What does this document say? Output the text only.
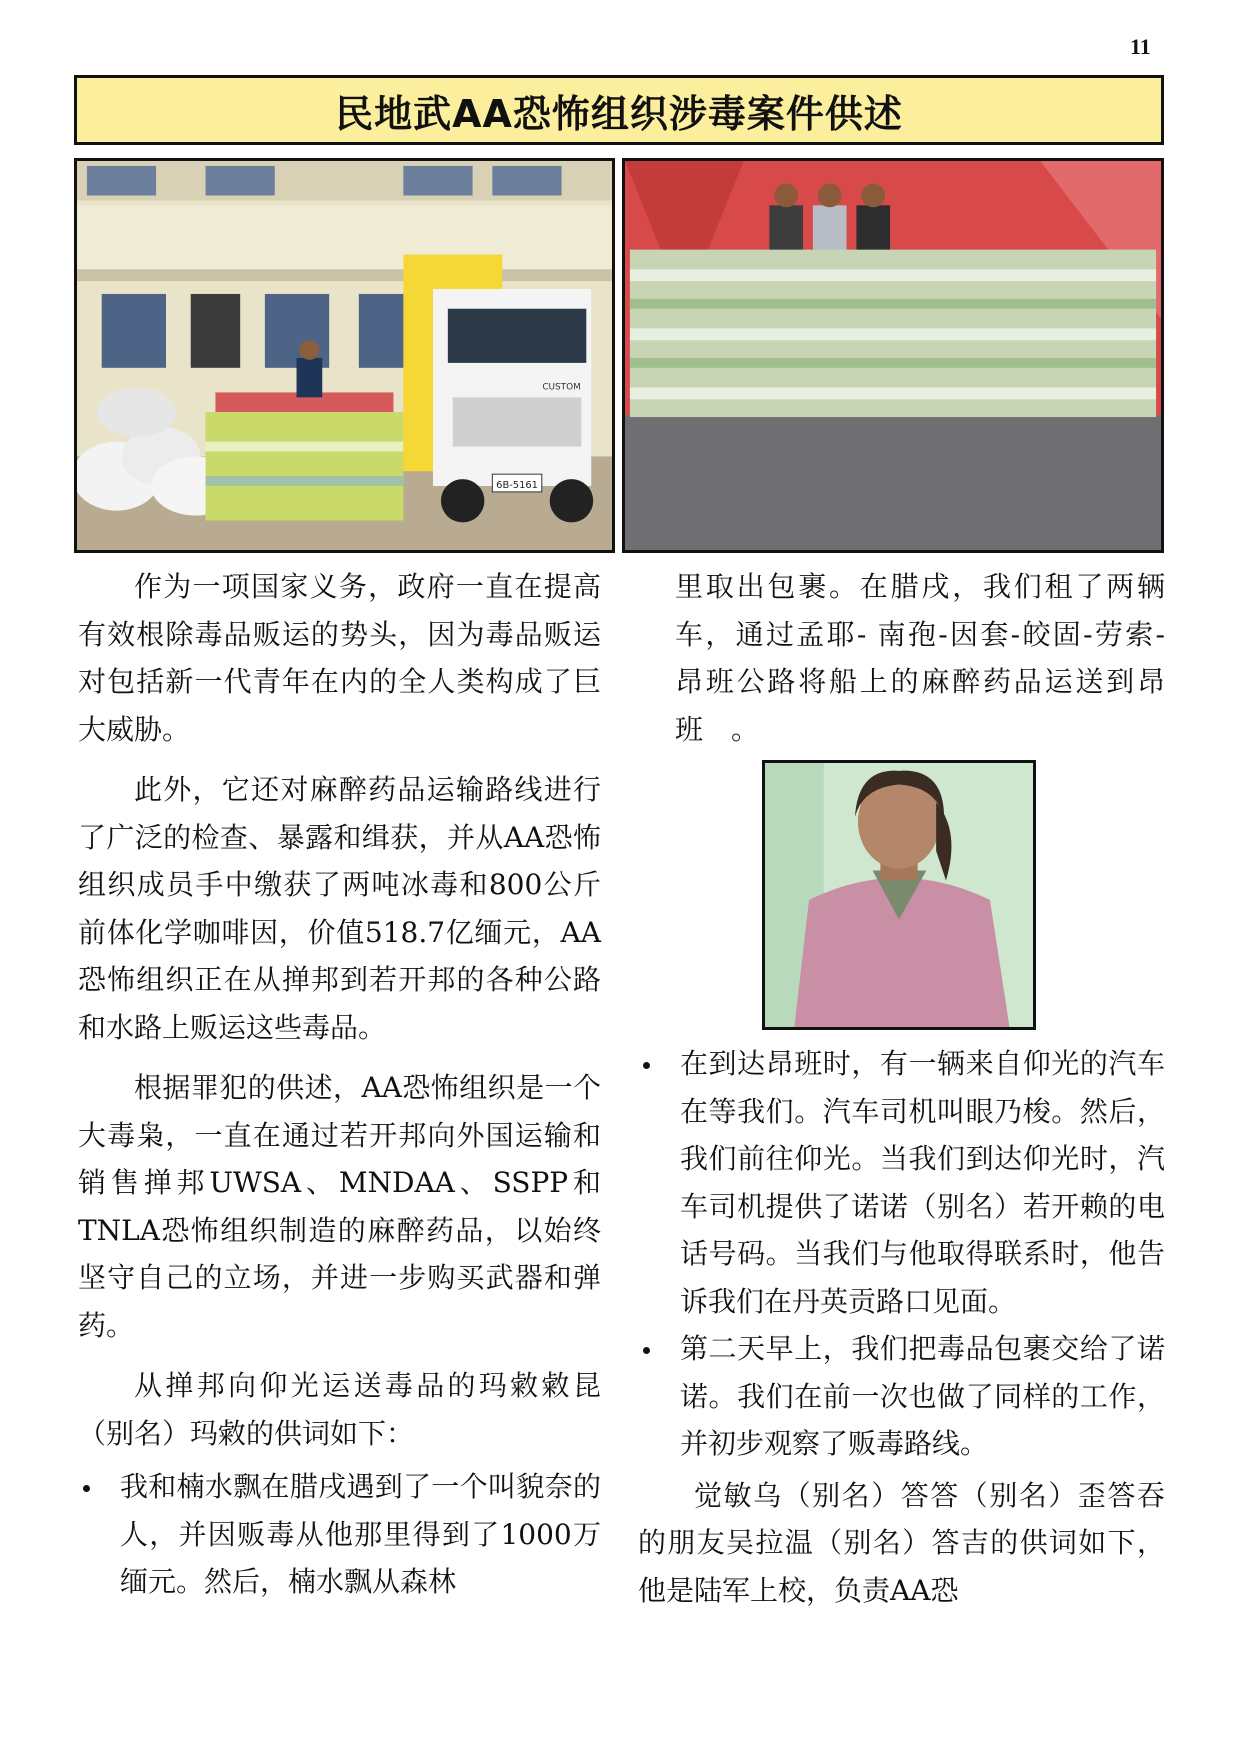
11
民地武AA恐怖组织涉毒案件供述
6B-5161
CUSTOM

作为一项国家义务，政府一直在提高有效根除毒品贩运的势头，因为毒品贩运对包括新一代青年在内的全人类构成了巨大威胁。

此外，它还对麻醉药品运输路线进行了广泛的检查、暴露和缉获，并从AA恐怖组织成员手中缴获了两吨冰毒和800公斤前体化学咖啡因，价值518.7亿缅元，AA恐怖组织正在从掸邦到若开邦的各种公路和水路上贩运这些毒品。

根据罪犯的供述，AA恐怖组织是一个大毒枭，一直在通过若开邦向外国运输和销售掸邦UWSA、MNDAA、SSPP和TNLA恐怖组织制造的麻醉药品，以始终坚守自己的立场，并进一步购买武器和弹药。

从掸邦向仰光运送毒品的玛敹敹昆（别名）玛敹的供词如下：

我和楠水飘在腊戌遇到了一个叫貌奈的人，并因贩毒从他那里得到了1000万缅元。然后，楠水飘从森林

里取出包裹。在腊戌，我们租了两辆车，通过孟耶- 南孢-因套-皎固-劳索-　昂班公路将船上的麻醉药品运送到昂班　。

在到达昂班时，有一辆来自仰光的汽车在等我们。汽车司机叫眼乃梭。然后，我们前往仰光。当我们到达仰光时，汽车司机提供了诺诺（别名）若开赖的电话号码。当我们与他取得联系时，他告诉我们在丹英贡路口见面。
第二天早上，我们把毒品包裹交给了诺诺。我们在前一次也做了同样的工作，并初步观察了贩毒路线。

觉敏乌（别名）答答（别名）歪答吞的朋友吴拉温（别名）答吉的供词如下，他是陆军上校，负责AA恐
